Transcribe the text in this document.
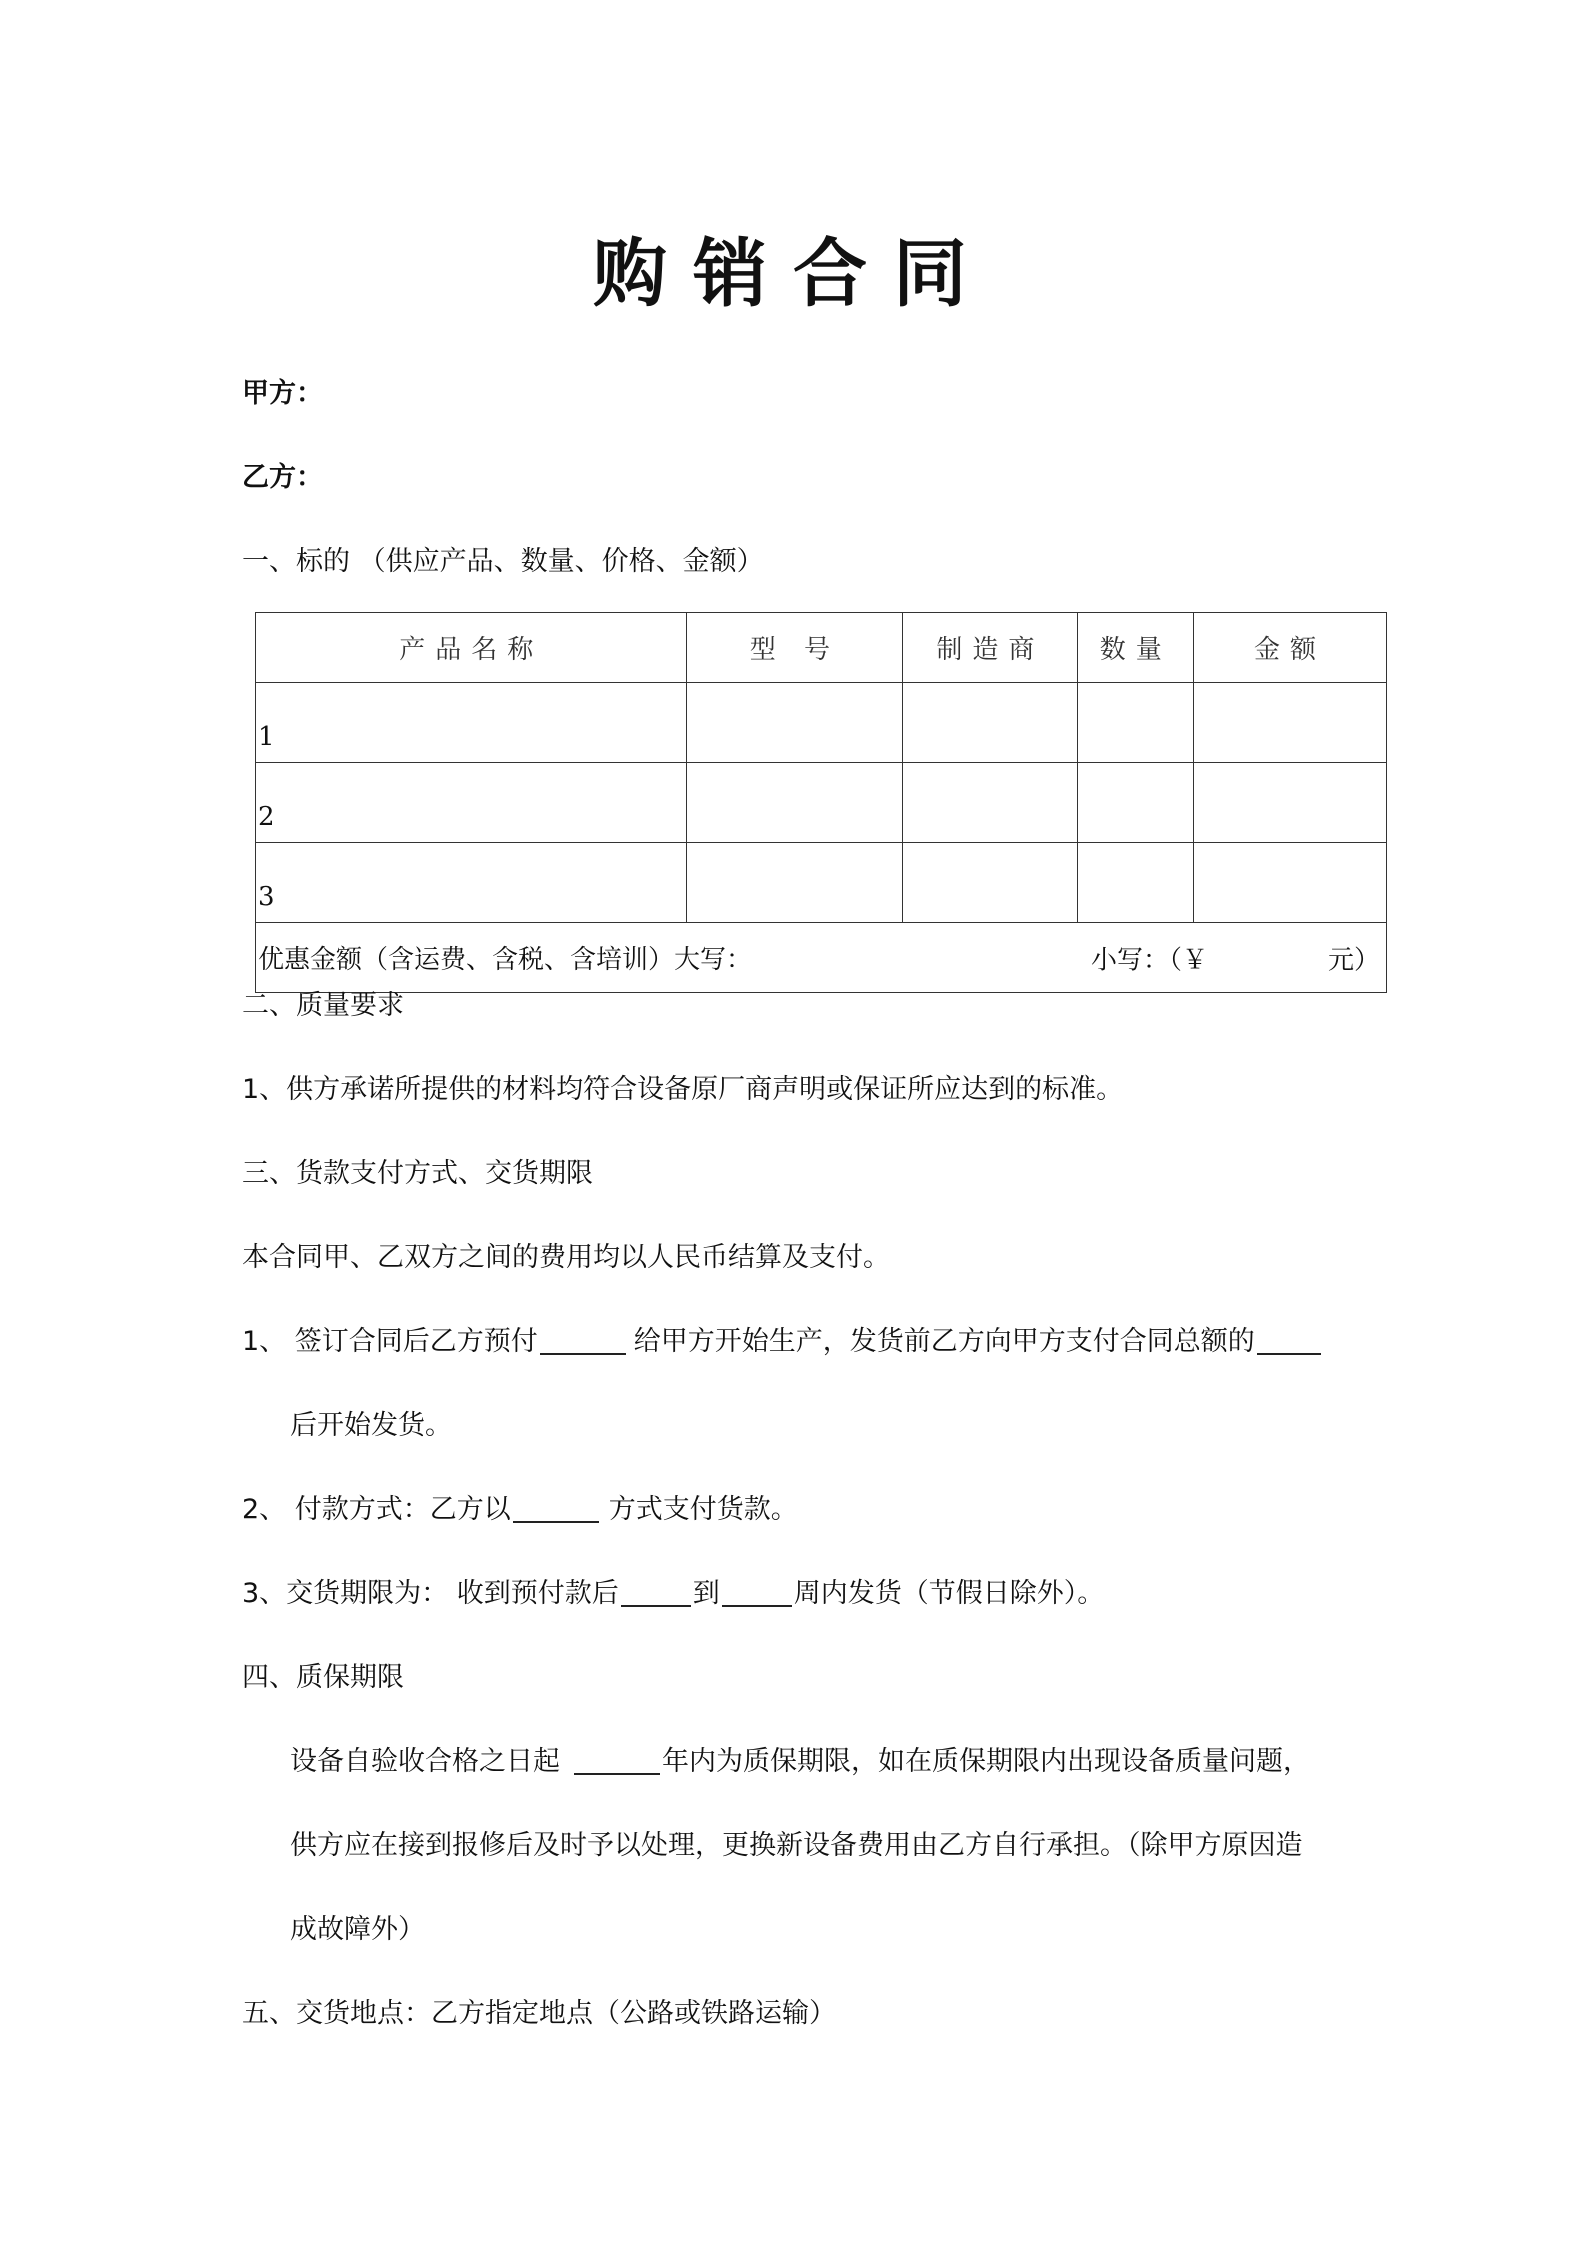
购销合同
甲方：
乙方：
一、标的 （供应产品、数量、价格、金额）
产品名称	型 号	制造商	数量	金额
1				
2				
3				
优惠金额（含运费、含税、含培训）大写： 小写：（￥ 元）				
二、质量要求
1、供方承诺所提供的材料均符合设备原厂商声明或保证所应达到的标准。
三、货款支付方式、交货期限
本合同甲、乙双方之间的费用均以人民币结算及支付。
1、 签订合同后乙方预付	给甲方开始生产，发货前乙方向甲方支付合同总额的
后开始发货。
2、 付款方式：乙方以	方式支付货款。
3、交货期限为： 收到预付款后	到	周内发货（节假日除外）。
四、质保期限
设备自验收合格之日起	年内为质保期限，如在质保期限内出现设备质量问题，
供方应在接到报修后及时予以处理，更换新设备费用由乙方自行承担。（除甲方原因造
成故障外）
五、交货地点：乙方指定地点（公路或铁路运输）
